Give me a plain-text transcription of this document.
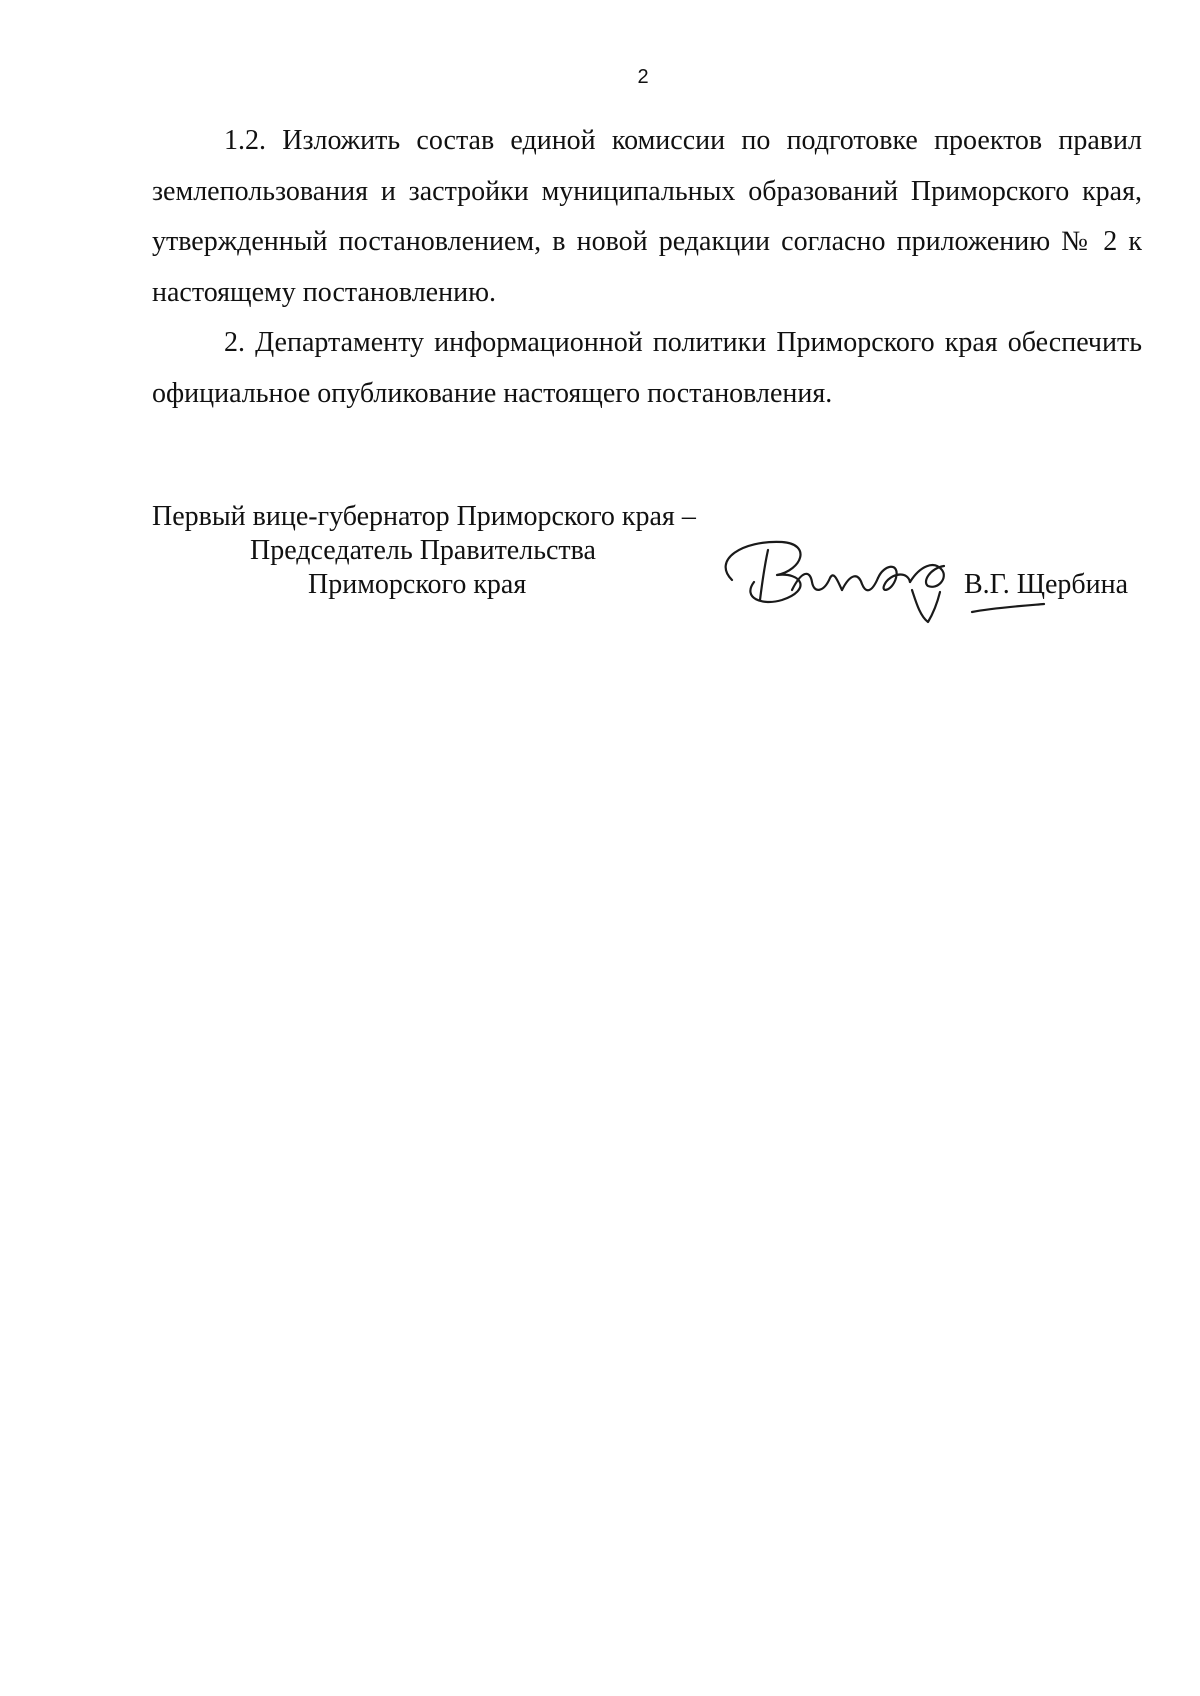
2

1.2. Изложить состав единой комиссии по подготовке проектов правил землепользования и застройки муниципальных образований Приморского края, утвержденный постановлением, в новой редакции согласно приложению № 2 к настоящему постановлению.

2. Департаменту информационной политики Приморского края обеспечить официальное опубликование настоящего постановления.

Первый вице-губернатор Приморского края –
Председатель Правительства
Приморского края	В.Г. Щербина
